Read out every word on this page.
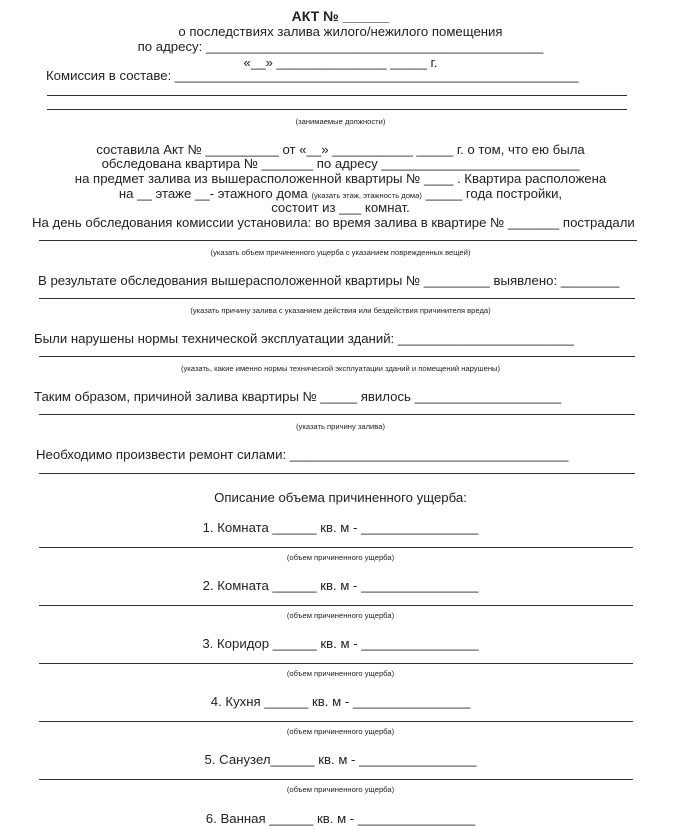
АКТ № ______
о последствиях залива жилого/нежилого помещения
по адресу: ______________________________________________
«__» _______________ _____ г.
Комиссия в составе: _______________________________________________________
(занимаемые должности)
составила Акт № __________ от «__» ___________ _____ г. о том, что ею была
обследована квартира № _______ по адресу ___________________________
на предмет залива из вышерасположенной квартиры № ____ . Квартира расположена
на __ этаже __- этажного дома (указать этаж, этажность дома) _____ года постройки,
состоит из ___ комнат.
На день обследования комиссии установила: во время залива в квартире № _______ пострадали
(указать объем причиненного ущерба с указанием поврежденных вещей)
В результате обследования вышерасположенной квартиры № _________ выявлено: ________
(указать причину залива с указанием действия или бездействия причинителя вреда)
Были нарушены нормы технической эксплуатации зданий: ________________________
(указать, какие именно нормы технической эксплуатации зданий и помещений нарушены)
Таким образом, причиной залива квартиры № _____ явилось ____________________
(указать причину залива)
Необходимо произвести ремонт силами: ______________________________________
Описание объема причиненного ущерба:
1. Комната ______ кв. м - ________________
(объем причиненного ущерба)
2. Комната ______ кв. м - ________________
(объем причиненного ущерба)
3. Коридор ______ кв. м - ________________
(объем причиненного ущерба)
4. Кухня ______ кв. м - ________________
(объем причиненного ущерба)
5. Санузел______ кв. м - ________________
(объем причиненного ущерба)
6. Ванная ______ кв. м - ________________
